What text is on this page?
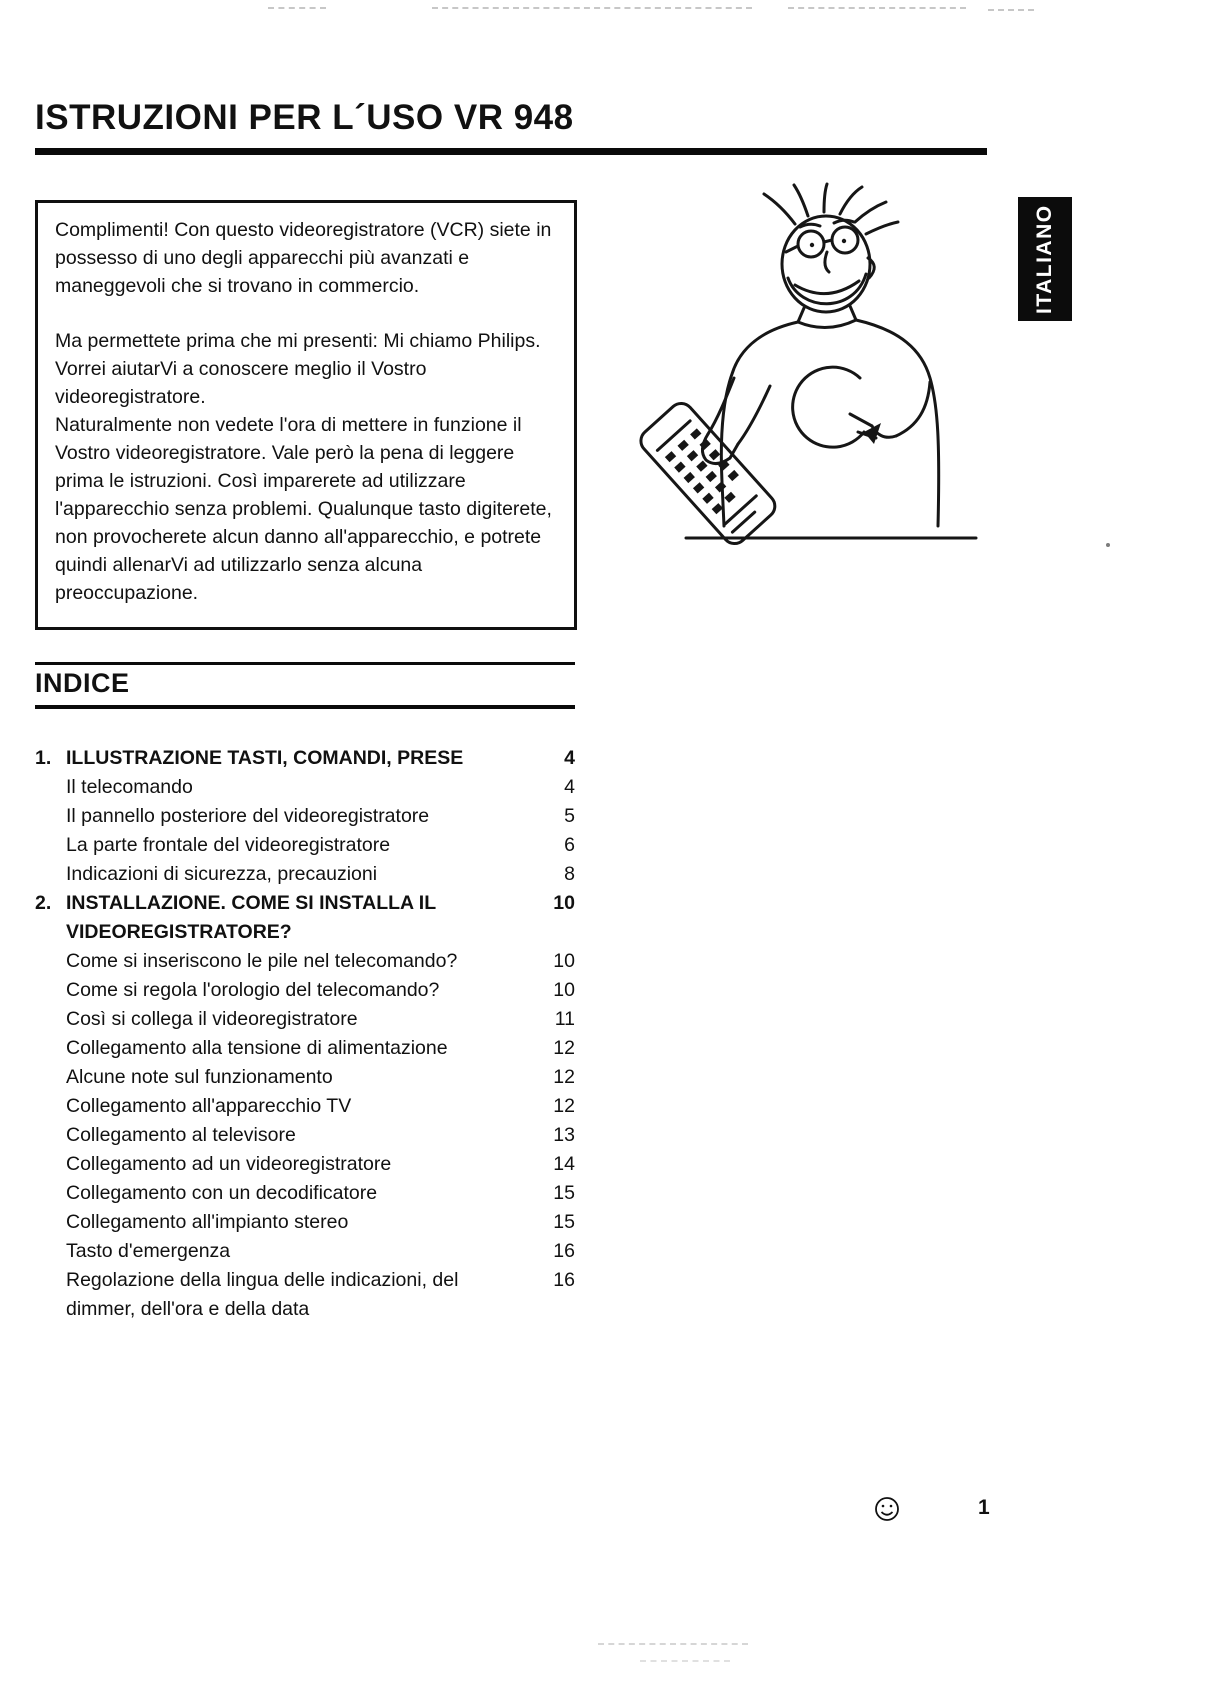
ISTRUZIONI PER L´USO VR 948

Complimenti! Con questo videoregistratore (VCR) siete in possesso di uno degli apparecchi più avanzati e maneggevoli che si trovano in commercio.

Ma permettete prima che mi presenti: Mi chiamo Philips. Vorrei aiutarVi a conoscere meglio il Vostro videoregistratore.

Naturalmente non vedete l'ora di mettere in funzione il Vostro videoregistratore. Vale però la pena di leggere prima le istruzioni. Così imparerete ad utilizzare l'apparecchio senza problemi. Qualunque tasto digiterete, non provocherete alcun danno all'apparecchio, e potrete quindi allenarVi ad utilizzarlo senza alcuna preoccupazione.

ITALIANO
INDICE
1. ILLUSTRAZIONE TASTI, COMANDI, PRESE	4
Il telecomando	4
Il pannello posteriore del videoregistratore	5
La parte frontale del videoregistratore	6
Indicazioni di sicurezza, precauzioni	8
2. INSTALLAZIONE. COME SI INSTALLA IL	10
VIDEOREGISTRATORE?
Come si inseriscono le pile nel telecomando?	10
Come si regola l'orologio del telecomando?	10
Così si collega il videoregistratore	11
Collegamento alla tensione di alimentazione	12
Alcune note sul funzionamento	12
Collegamento all'apparecchio TV	12
Collegamento al televisore	13
Collegamento ad un videoregistratore	14
Collegamento con un decodificatore	15
Collegamento all'impianto stereo	15
Tasto d'emergenza	16
Regolazione della lingua delle indicazioni, del	16
dimmer, dell'ora e della data
1
